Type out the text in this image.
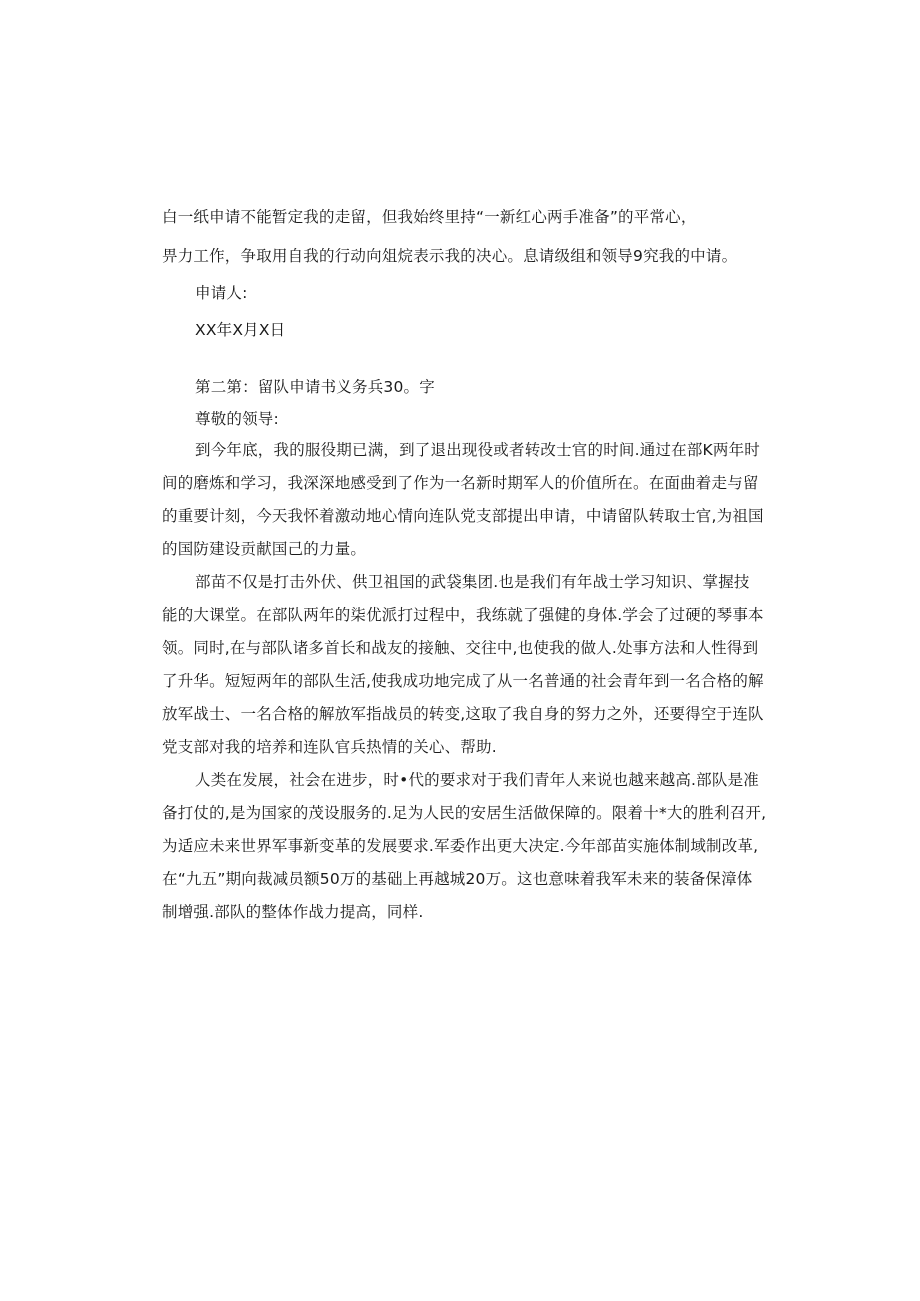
白一纸申请不能暂定我的走留，但我始终里持“一新红心两手准备”的平常心，
畀力工作，争取用自我的行动向俎烷表示我的决心。息请级组和领导9究我的中请。
申请人:
XX年X月X日
第二第：留队申请书义务兵30。字
尊敬的领导:
到今年底，我的服役期已满，到了退出现役或者转改士官的时间.通过在部K两年时
间的磨炼和学习，我深深地感受到了作为一名新时期军人的价值所在。在面曲着走与留
的重要计刻，今天我怀着激动地心情向连队党支部提出申请，中请留队转取士官,为祖国
的国防建设贡献国己的力量。
部苗不仅是打击外伏、供卫祖国的武袋集团.也是我们有年战士学习知识、掌握技
能的大课堂。在部队两年的柒优派打过程中，我练就了强健的身体.学会了过硬的琴事本
领。同时,在与部队诸多首长和战友的接触、交往中,也使我的做人.处事方法和人性得到
了升华。短短两年的部队生活,使我成功地完成了从一名普通的社会青年到一名合格的解
放军战士、一名合格的解放军指战员的转变,这取了我自身的努力之外，还要得空于连队
党支部对我的培养和连队官兵热情的关心、帮助.
人类在发展，社会在进步，时•代的要求对于我们青年人来说也越来越高.部队是准
备打仗的,是为国家的茂设服务的.足为人民的安居生活做保障的。限着十*大的胜利召开,
为适应未来世界军事新变革的发展要求.军委作出更大决定.今年部苗实施体制域制改革,
在“九五”期向裁减员额50万的基础上再越城20万。这也意味着我军未来的装备保漳体
制增强.部队的整体作战力提高，同样.
